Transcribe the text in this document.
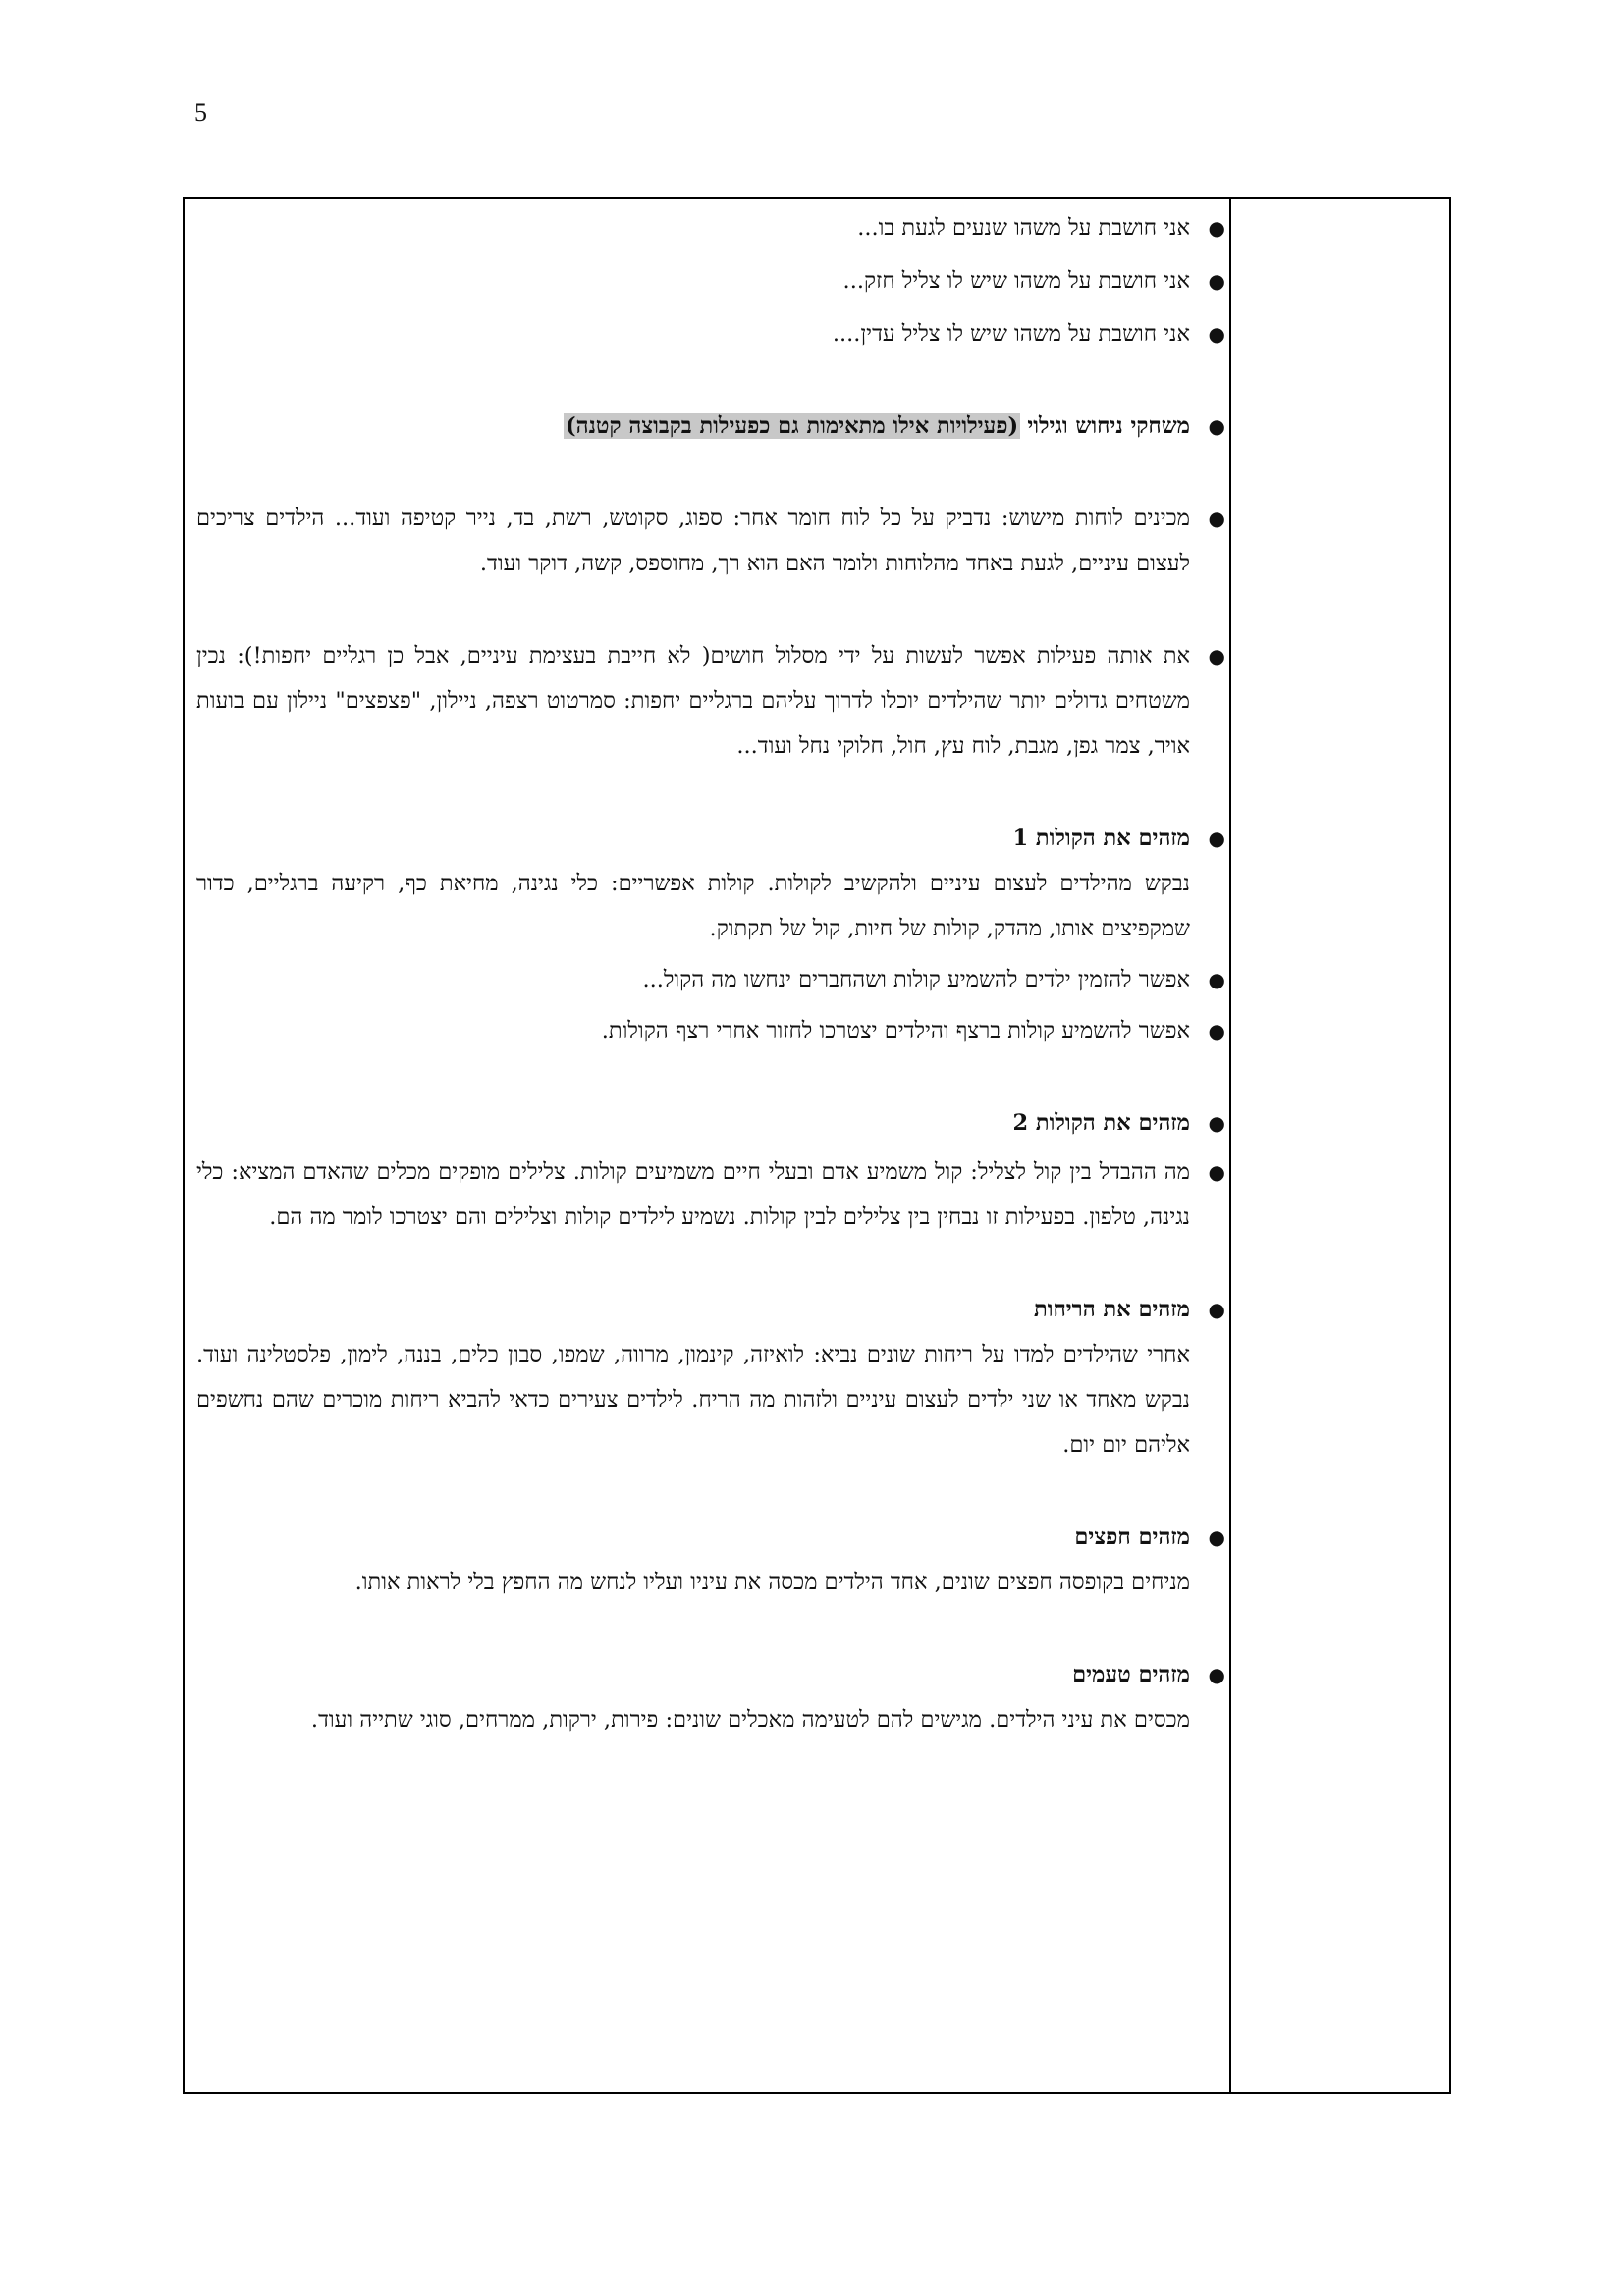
5
●

אני חושבת על משהו שנעים לגעת בו...

●

אני חושבת על משהו שיש לו צליל חזק...

●

אני חושבת על משהו שיש לו צליל עדין....

●

משחקי ניחוש וגילוי (פעילויות אילו מתאימות גם כפעילות בקבוצה קטנה)

●

מכינים לוחות מישוש: נדביק על כל לוח חומר אחר: ספוג, סקוטש, רשת, בד, נייר קטיפה ועוד... הילדים צריכים לעצום עיניים, לגעת באחד מהלוחות ולומר האם הוא רך, מחוספס, קשה, דוקר ועוד.

●

את אותה פעילות אפשר לעשות על ידי מסלול חושים( לא חייבת בעצימת עיניים, אבל כן רגליים יחפות!): נכין משטחים גדולים יותר שהילדים יוכלו לדרוך עליהם ברגליים יחפות: סמרטוט רצפה, ניילון, "פצפצים" ניילון עם בועות אויר, צמר גפן, מגבת, לוח עץ, חול, חלוקי נחל ועוד...

●

מזהים את הקולות 1

נבקש מהילדים לעצום עיניים ולהקשיב לקולות. קולות אפשריים: כלי נגינה, מחיאת כף, רקיעה ברגליים, כדור שמקפיצים אותו, מהדק, קולות של חיות, קול של תקתוק.

●

אפשר להזמין ילדים להשמיע קולות ושהחברים ינחשו מה הקול...

●

אפשר להשמיע קולות ברצף והילדים יצטרכו לחזור אחרי רצף הקולות.

●

מזהים את הקולות 2

●

מה ההבדל בין קול לצליל: קול משמיע אדם ובעלי חיים משמיעים קולות. צלילים מופקים מכלים שהאדם המציא: כלי נגינה, טלפון. בפעילות זו נבחין בין צלילים לבין קולות. נשמיע לילדים קולות וצלילים והם יצטרכו לומר מה הם.

●

מזהים את הריחות

אחרי שהילדים למדו על ריחות שונים נביא: לואיזה, קינמון, מרווה, שמפו, סבון כלים, בננה, לימון, פלסטלינה ועוד. נבקש מאחד או שני ילדים לעצום עיניים ולזהות מה הריח. לילדים צעירים כדאי להביא ריחות מוכרים שהם נחשפים אליהם יום יום.

●

מזהים חפצים

מניחים בקופסה חפצים שונים, אחד הילדים מכסה את עיניו ועליו לנחש מה החפץ בלי לראות אותו.

●

מזהים טעמים

מכסים את עיני הילדים. מגישים להם לטעימה מאכלים שונים: פירות, ירקות, ממרחים, סוגי שתייה ועוד.
